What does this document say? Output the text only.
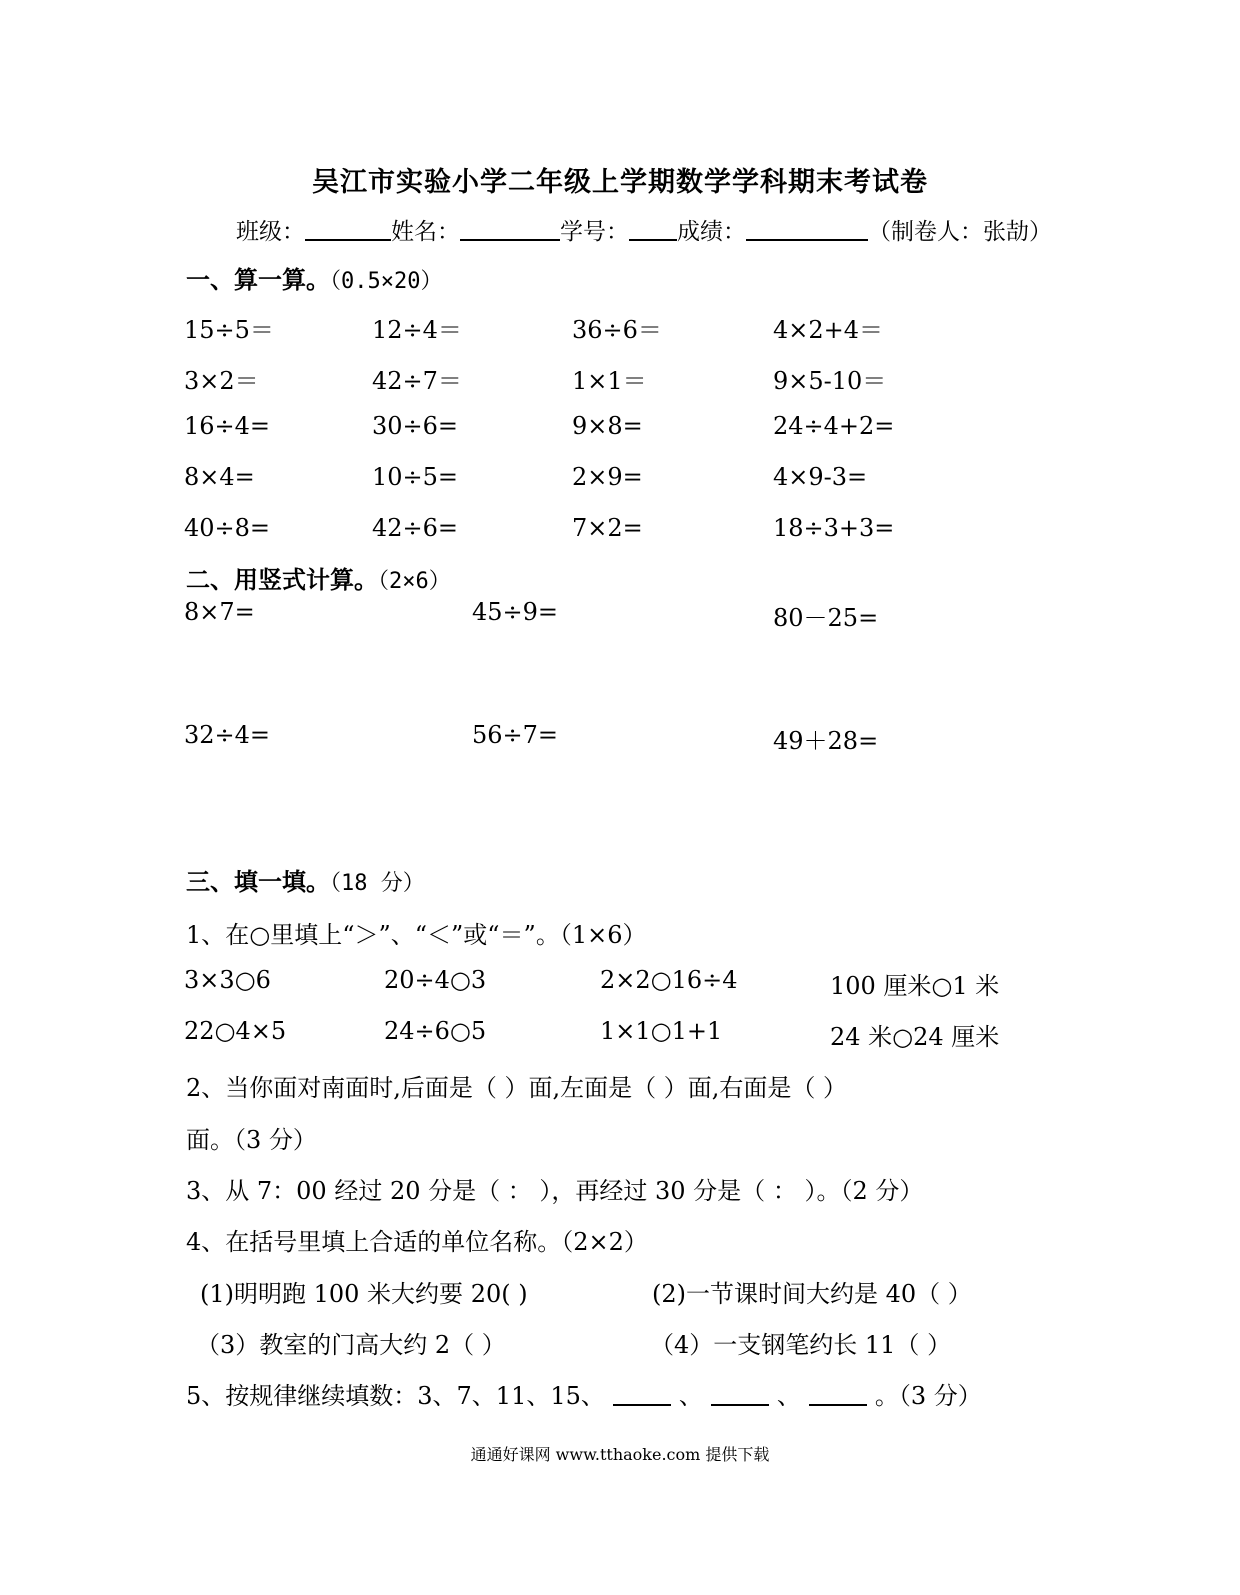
吴江市实验小学二年级上学期数学学科期末考试卷
班级：	姓名：	学号： 成绩：	（制卷人：张劼）
一、算一算。（0.5×20）
15÷5＝	12÷4＝	36÷6＝	4×2+4＝
3×2＝	42÷7＝	1×1＝	9×5-10＝
16÷4=	30÷6=	9×8=	24÷4+2=
8×4=	10÷5=	2×9=	4×9-3=
40÷8=	42÷6=	7×2=	18÷3+3=
二、用竖式计算。（2×6）
8×7=	45÷9=	80－25=
32÷4=	56÷7=	49＋28=
三、填一填。（18 分）
1、在○里填上“＞”、“＜”或“＝”。（1×6）
3×3○6	20÷4○3	2×2○16÷4	100 厘米○1 米
22○4×5	24÷6○5	1×1○1+1	24 米○24 厘米
2、当你面对南面时,后面是（ ）面,左面是（ ）面,右面是（ ）
面。（3 分）
3、从 7：00 经过 20 分是（ ： ），再经过 30 分是（ ： ）。（2 分）
4、在括号里填上合适的单位名称。（2×2）
(1)明明跑 100 米大约要 20( )	(2)一节课时间大约是 40（ ）
（3）教室的门高大约 2（ ）	（4）一支钢笔约长 11（ ）
5、按规律继续填数：3、7、11、15、	、	、	。（3 分）
通通好课网 www.tthaoke.com 提供下载
